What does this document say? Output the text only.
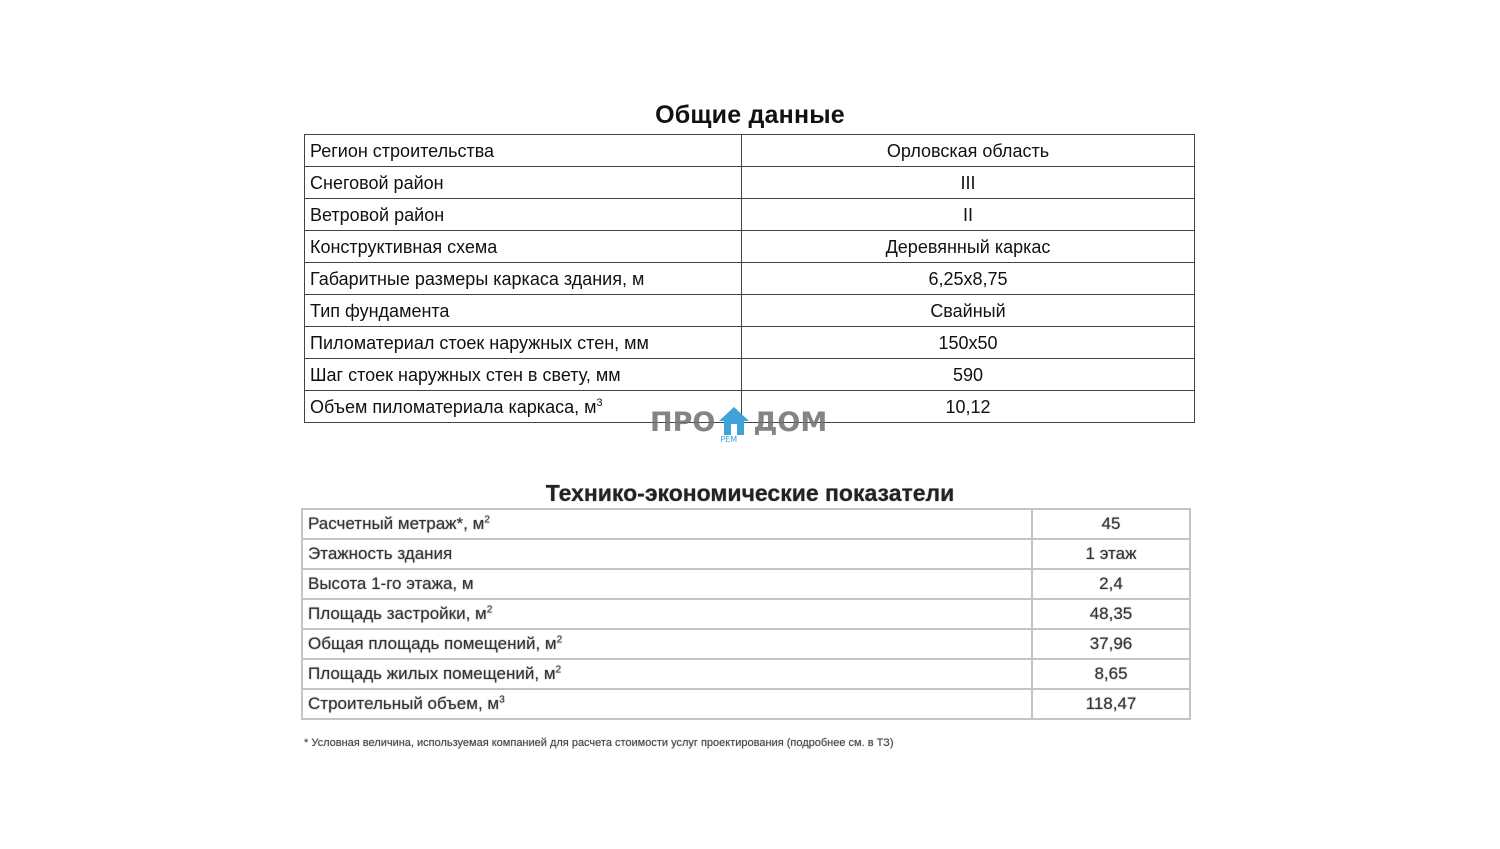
Общие данные
Регион строительства	Орловская область
Снеговой район	III
Ветровой район	II
Конструктивная схема	Деревянный каркас
Габаритные размеры каркаса здания, м	6,25х8,75
Тип фундамента	Свайный
Пиломатериал стоек наружных стен, мм	150х50
Шаг стоек наружных стен в свету, мм	590
Объем пиломатериала каркаса, $м^3$	10,12
ПРО
РЕМ
ДОМ
Технико-экономические показатели
Расчетный метраж*, $м^2$	45
Этажность здания	1 этаж
Высота 1-го этажа, м	2,4
Площадь застройки, $м^2$	48,35
Общая площадь помещений, $м^2$	37,96
Площадь жилых помещений, $м^2$	8,65
Строительный объем, $м^3$	118,47
* Условная величина, используемая компанией для расчета стоимости услуг проектирования (подробнее см. в ТЗ)
